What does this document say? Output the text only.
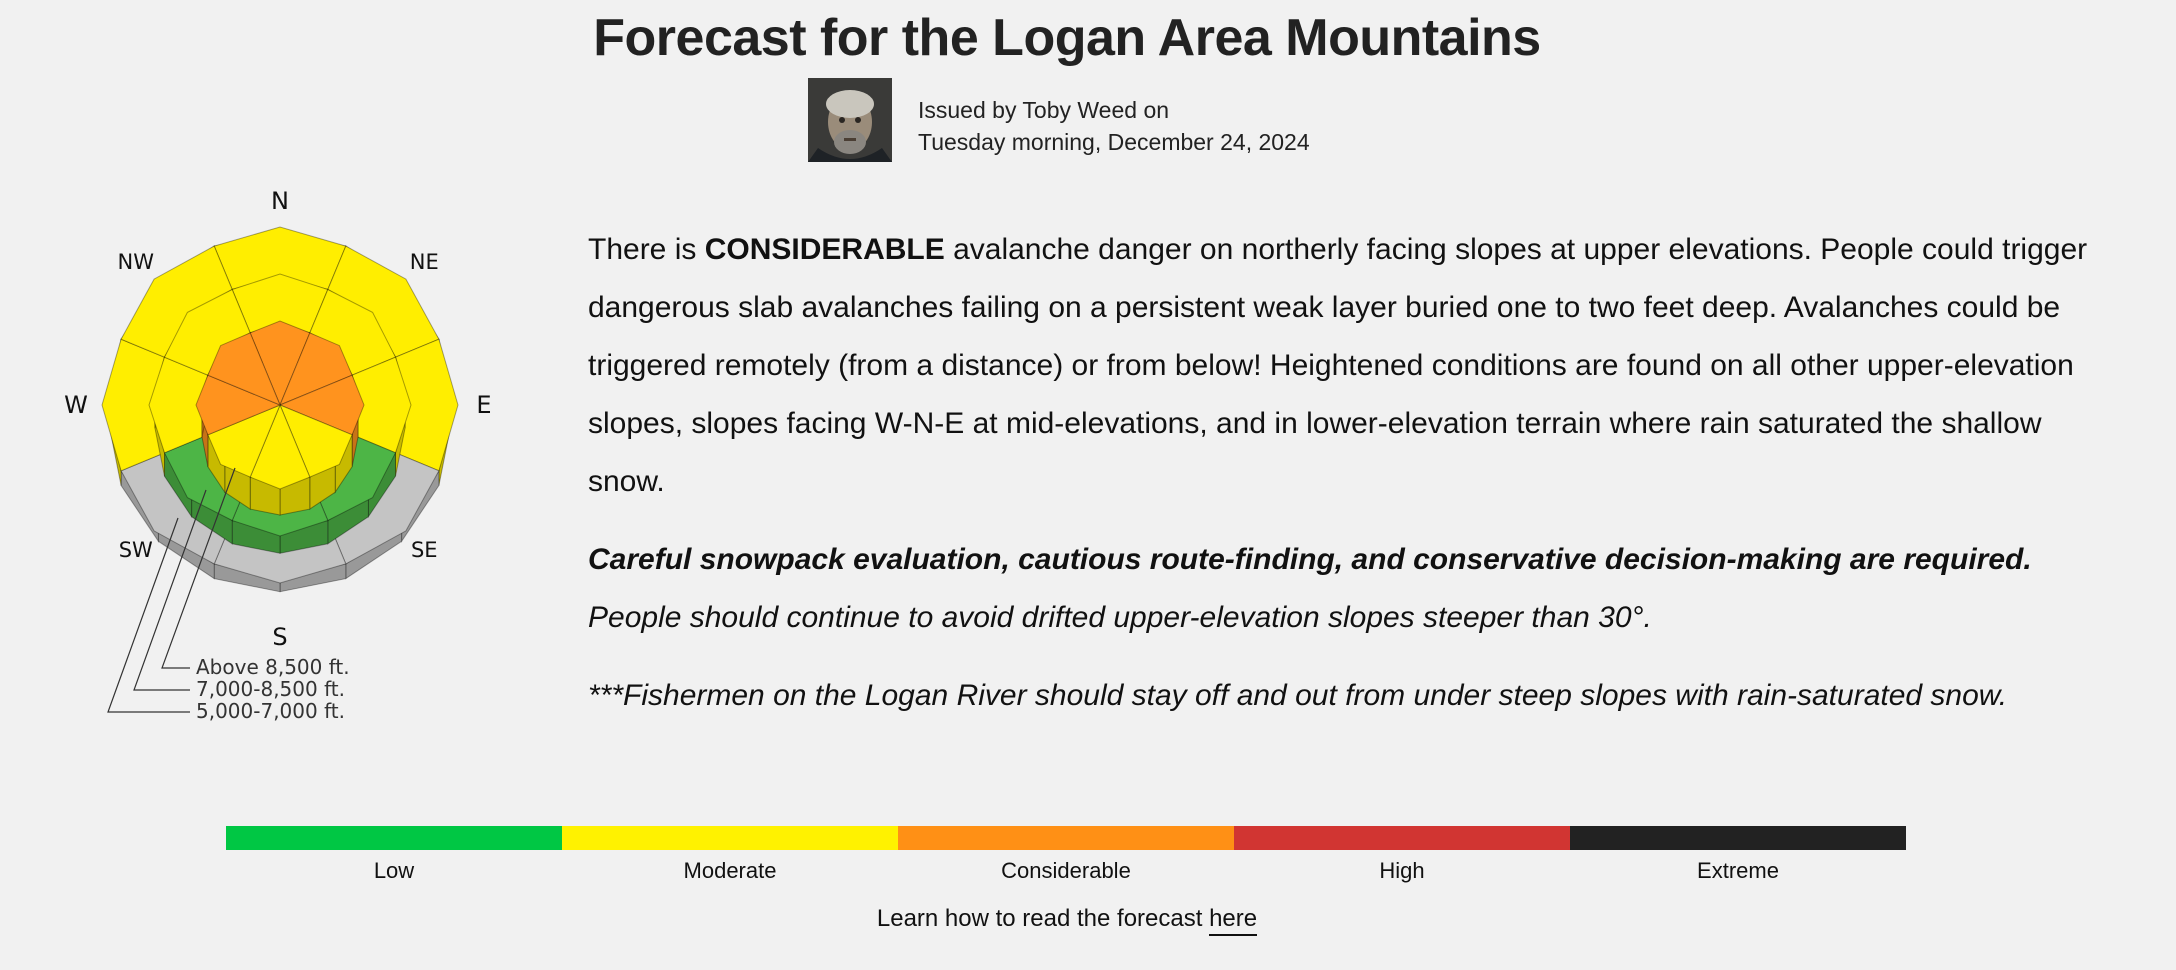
Forecast for the Logan Area Mountains
Issued by Toby Weed on
Tuesday morning, December 24, 2024
N
NE
E
SE
S
SW
W
NW
Above 8,500 ft.
7,000-8,500 ft.
5,000-7,000 ft.

There is CONSIDERABLE avalanche danger on northerly facing slopes at upper elevations. People could trigger dangerous slab avalanches failing on a persistent weak layer buried one to two feet deep. Avalanches could be triggered remotely (from a distance) or from below! Heightened conditions are found on all other upper-elevation slopes, slopes facing W-N-E at mid-elevations, and in lower-elevation terrain where rain saturated the shallow snow.

Careful snowpack evaluation, cautious route-finding, and conservative decision-making are required.
People should continue to avoid drifted upper-elevation slopes steeper than 30°.

***Fishermen on the Logan River should stay off and out from under steep slopes with rain-saturated snow.

Low	Moderate	Considerable	High	Extreme
Learn how to read the forecast here
